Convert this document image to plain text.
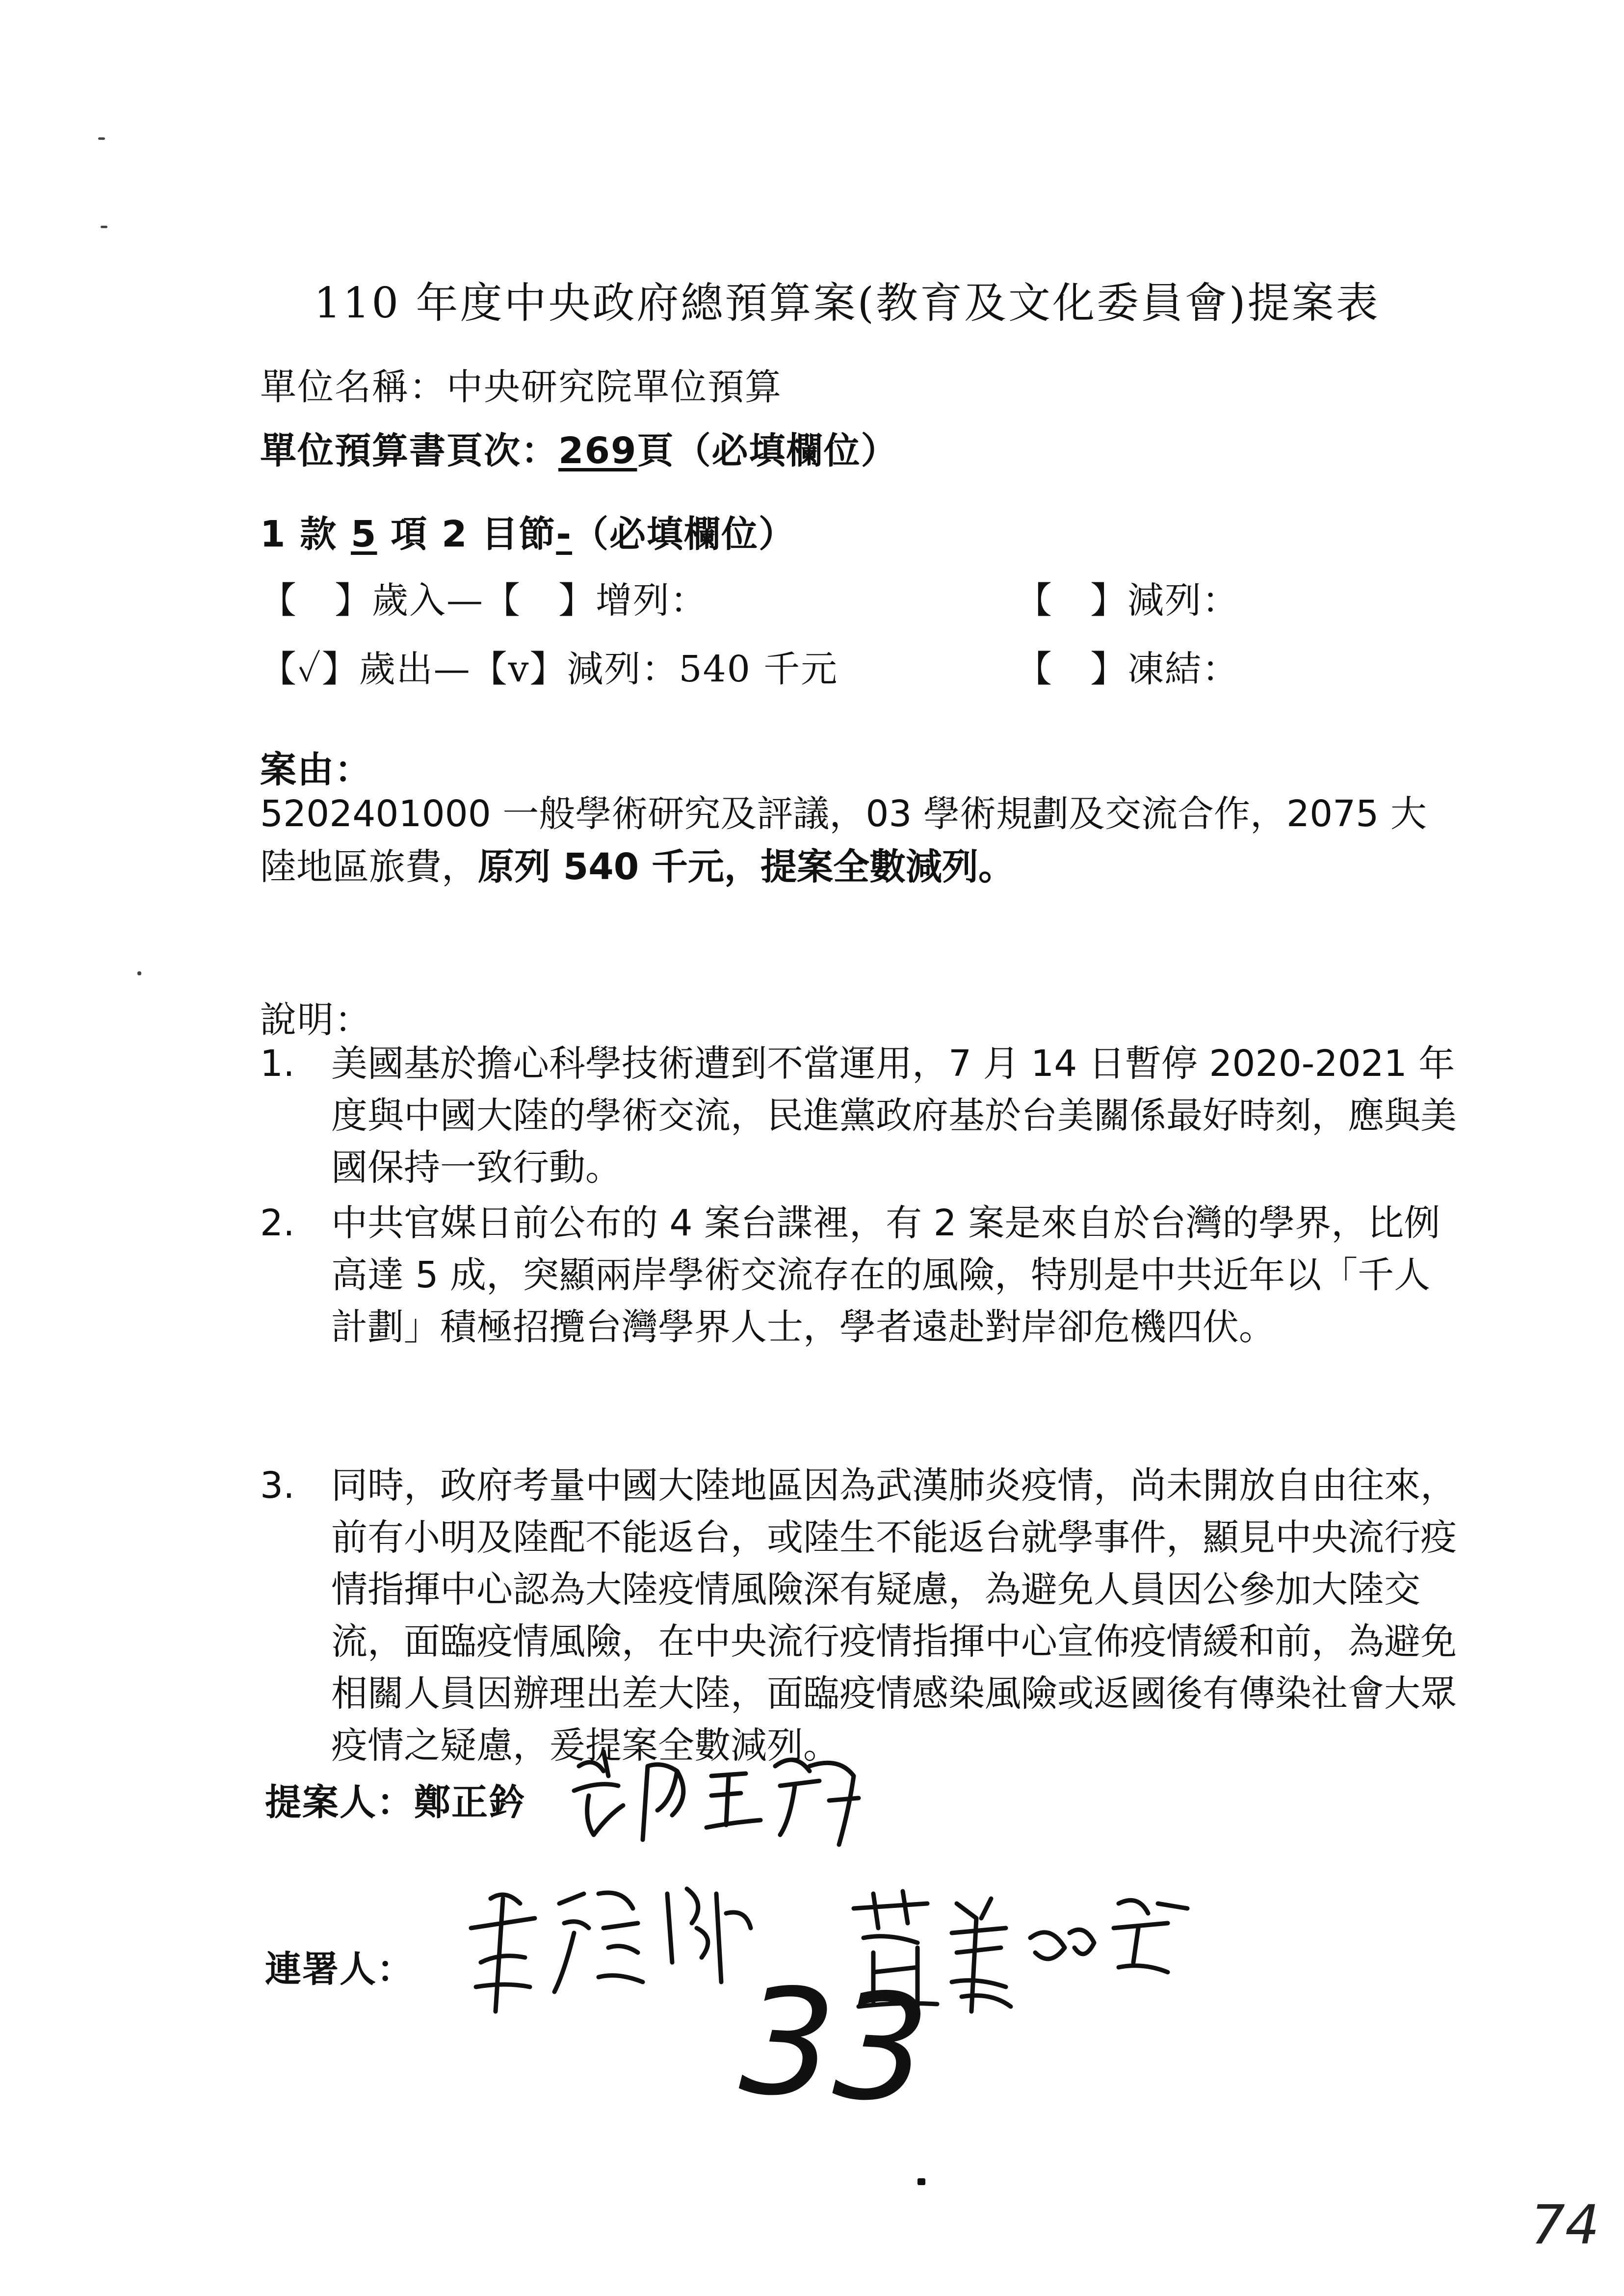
110 年度中央政府總預算案(教育及文化委員會)提案表
單位名稱：中央研究院單位預算
單位預算書頁次：269頁（必填欄位）
1 款 5 項 2 目節-（必填欄位）
【　】歲入—【　】增列：	【　】減列：
【✓】歲出—【v】減列：540 千元	【　】凍結：
案由：
5202401000 一般學術研究及評議，03 學術規劃及交流合作，2075 大
陸地區旅費，原列 540 千元，提案全數減列。
說明：
1.	美國基於擔心科學技術遭到不當運用，7 月 14 日暫停 2020-2021 年度與中國大陸的學術交流，民進黨政府基於台美關係最好時刻，應與美國保持一致行動。
2.	中共官媒日前公布的 4 案台諜裡，有 2 案是來自於台灣的學界，比例高達 5 成，突顯兩岸學術交流存在的風險，特別是中共近年以「千人計劃」積極招攬台灣學界人士，學者遠赴對岸卻危機四伏。
3.	同時，政府考量中國大陸地區因為武漢肺炎疫情，尚未開放自由往來，前有小明及陸配不能返台，或陸生不能返台就學事件，顯見中央流行疫情指揮中心認為大陸疫情風險深有疑慮，為避免人員因公參加大陸交流，面臨疫情風險，在中央流行疫情指揮中心宣佈疫情緩和前，為避免相關人員因辦理出差大陸，面臨疫情感染風險或返國後有傳染社會大眾疫情之疑慮，爰提案全數減列。
提案人：鄭正鈐
連署人： 33
74
